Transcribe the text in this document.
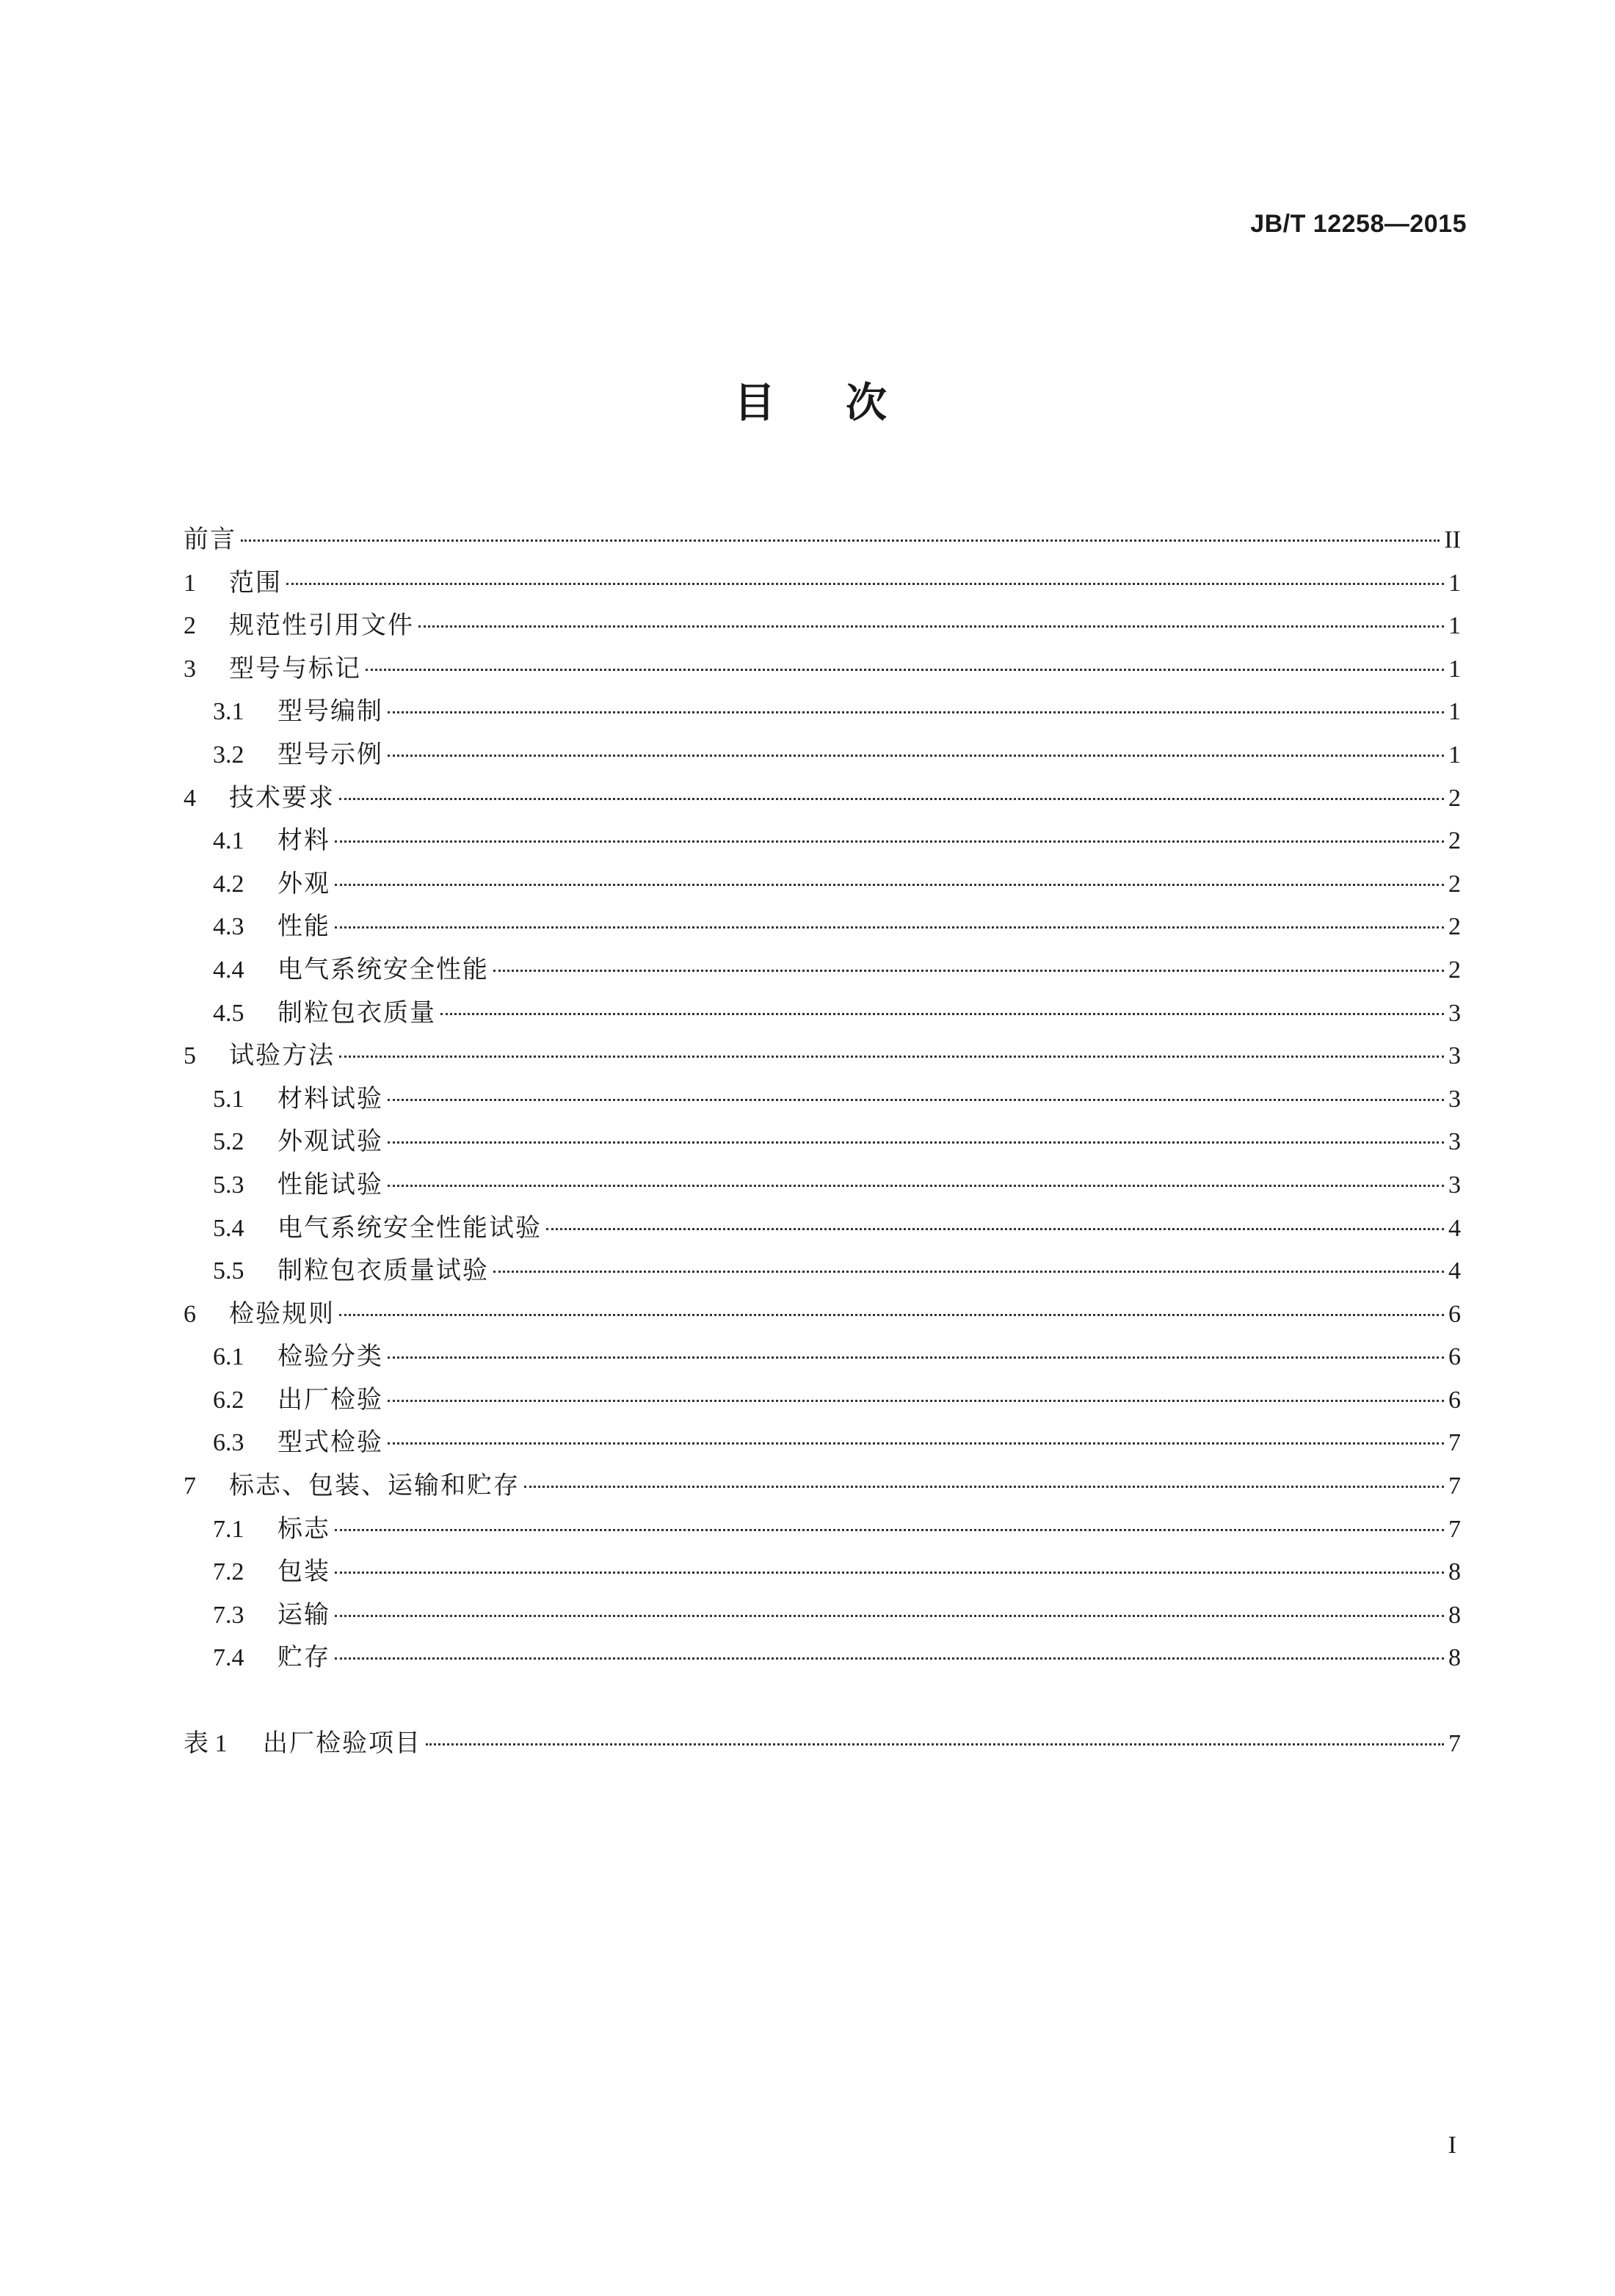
JB/T 12258—2015
目 次
前言	II
1	范围	1
2	规范性引用文件	1
3	型号与标记	1
3.1	型号编制	1
3.2	型号示例	1
4	技术要求	2
4.1	材料	2
4.2	外观	2
4.3	性能	2
4.4	电气系统安全性能	2
4.5	制粒包衣质量	3
5	试验方法	3
5.1	材料试验	3
5.2	外观试验	3
5.3	性能试验	3
5.4	电气系统安全性能试验	4
5.5	制粒包衣质量试验	4
6	检验规则	6
6.1	检验分类	6
6.2	出厂检验	6
6.3	型式检验	7
7	标志、包装、运输和贮存	7
7.1	标志	7
7.2	包装	8
7.3	运输	8
7.4	贮存	8
表 1	出厂检验项目	7
I
